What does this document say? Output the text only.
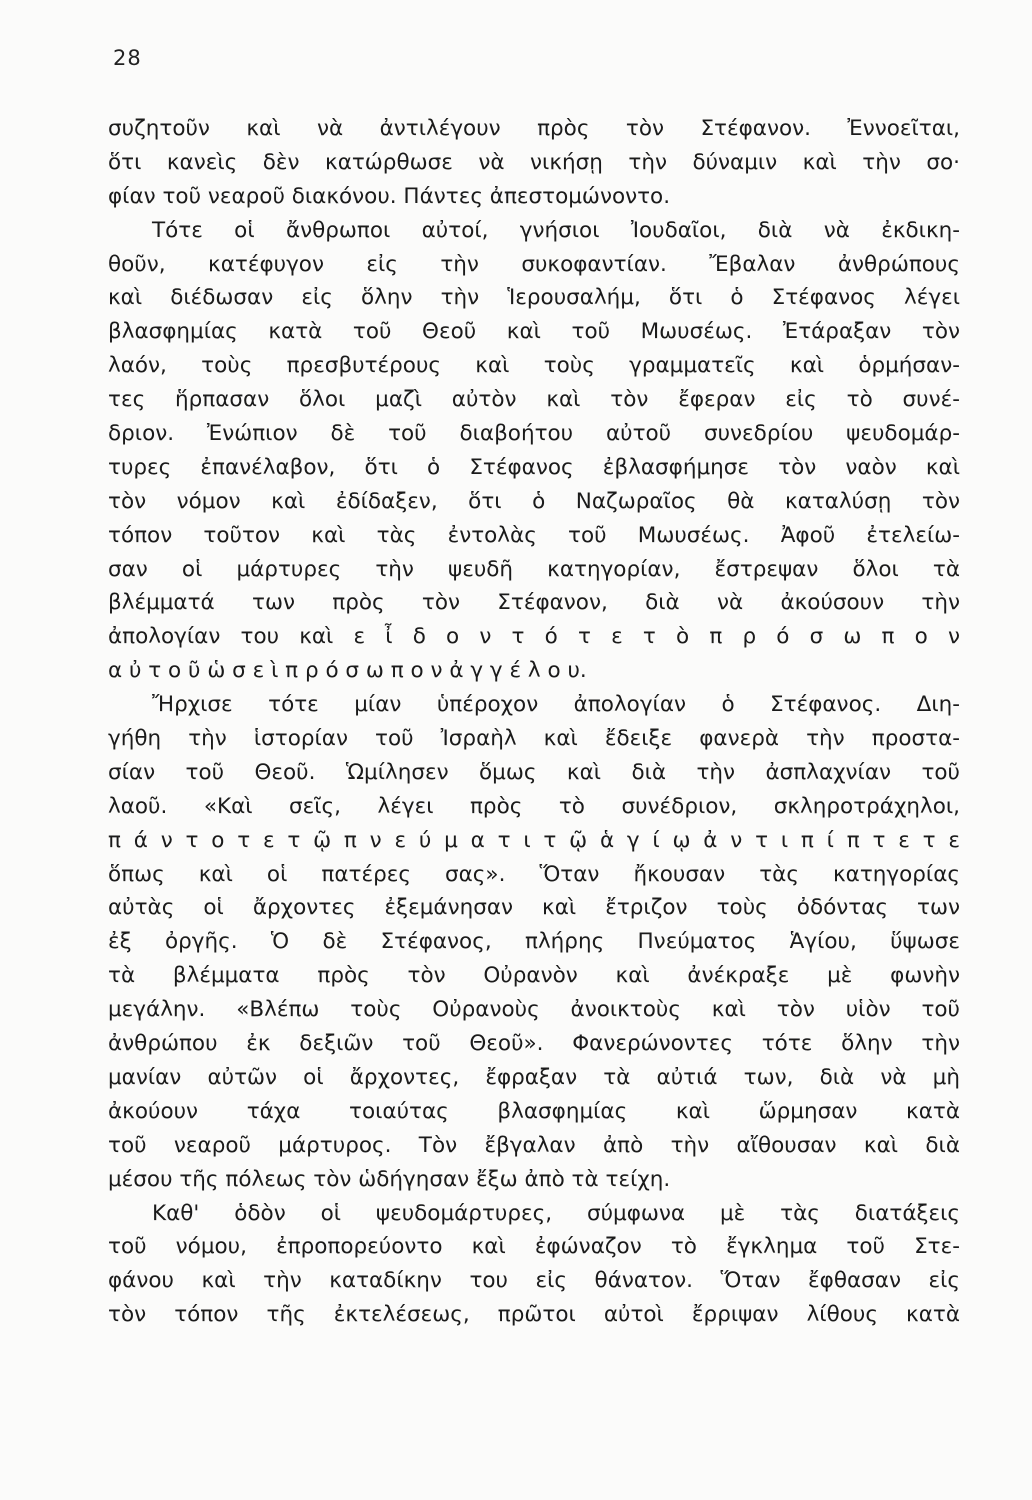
28
συζητοῦν καὶ νὰ ἀντιλέγουν πρὸς τὸν Στέφανον. Ἐννοεῖται,
ὅτι κανεὶς δὲν κατώρθωσε νὰ νικήσῃ τὴν δύναμιν καὶ τὴν σο·
φίαν τοῦ νεαροῦ διακόνου. Πάντες ἀπεστομώνοντο.
Τότε οἱ ἄνθρωποι αὐτοί, γνήσιοι Ἰουδαῖοι, διὰ νὰ ἐκδικη-
θοῦν, κατέφυγον εἰς τὴν συκοφαντίαν. Ἔβαλαν ἀνθρώπους
καὶ διέδωσαν εἰς ὅλην τὴν Ἱερουσαλήμ, ὅτι ὁ Στέφανος λέγει
βλασφημίας κατὰ τοῦ Θεοῦ καὶ τοῦ Μωυσέως. Ἐτάραξαν τὸν
λαόν, τοὺς πρεσβυτέρους καὶ τοὺς γραμματεῖς καὶ ὁρμήσαν-
τες ἥρπασαν ὅλοι μαζὶ αὐτὸν καὶ τὸν ἔφεραν εἰς τὸ συνέ-
δριον. Ἐνώπιον δὲ τοῦ διαβοήτου αὐτοῦ συνεδρίου ψευδομάρ-
τυρες ἐπανέλαβον, ὅτι ὁ Στέφανος ἐβλασφήμησε τὸν ναὸν καὶ
τὸν νόμον καὶ ἐδίδαξεν, ὅτι ὁ Ναζωραῖος θὰ καταλύσῃ τὸν
τόπον τοῦτον καὶ τὰς ἐντολὰς τοῦ Μωυσέως. Ἀφοῦ ἐτελείω-
σαν οἱ μάρτυρες τὴν ψευδῆ κατηγορίαν, ἔστρεψαν ὅλοι τὰ
βλέμματά των πρὸς τὸν Στέφανον, διὰ νὰ ἀκούσουν τὴν
ἀπολογίαν του καὶ ε ἶ δ ο ν τ ό τ ε τ ὸ π ρ ό σ ω π ο ν
α ὐ τ ο ῦ ὡ σ ε ὶ π ρ ό σ ω π ο ν ἀ γ γ έ λ ο υ.
Ἤρχισε τότε μίαν ὑπέροχον ἀπολογίαν ὁ Στέφανος. Διη-
γήθη τὴν ἱστορίαν τοῦ Ἰσραὴλ καὶ ἔδειξε φανερὰ τὴν προστα-
σίαν τοῦ Θεοῦ. Ὡμίλησεν ὅμως καὶ διὰ τὴν ἀσπλαχνίαν τοῦ
λαοῦ. «Καὶ σεῖς, λέγει πρὸς τὸ συνέδριον, σκληροτράχηλοι,
π ά ν τ ο τ ε τ ῷ π ν ε ύ μ α τ ι τ ῷ ἁ γ ί ῳ ἀ ν τ ι π ί π τ ε τ ε
ὅπως καὶ οἱ πατέρες σας». Ὅταν ἤκουσαν τὰς κατηγορίας
αὐτὰς οἱ ἄρχοντες ἐξεμάνησαν καὶ ἔτριζον τοὺς ὀδόντας των
ἐξ ὀργῆς. Ὁ δὲ Στέφανος, πλήρης Πνεύματος Ἁγίου, ὕψωσε
τὰ βλέμματα πρὸς τὸν Οὐρανὸν καὶ ἀνέκραξε μὲ φωνὴν
μεγάλην. «Βλέπω τοὺς Οὐρανοὺς ἀνοικτοὺς καὶ τὸν υἱὸν τοῦ
ἀνθρώπου ἐκ δεξιῶν τοῦ Θεοῦ». Φανερώνοντες τότε ὅλην τὴν
μανίαν αὐτῶν οἱ ἄρχοντες, ἔφραξαν τὰ αὐτιά των, διὰ νὰ μὴ
ἀκούουν τάχα τοιαύτας βλασφημίας καὶ ὥρμησαν κατὰ
τοῦ νεαροῦ μάρτυρος. Τὸν ἔβγαλαν ἀπὸ τὴν αἴθουσαν καὶ διὰ
μέσου τῆς πόλεως τὸν ὡδήγησαν ἔξω ἀπὸ τὰ τείχη.
Καθ' ὁδὸν οἱ ψευδομάρτυρες, σύμφωνα μὲ τὰς διατάξεις
τοῦ νόμου, ἐπροπορεύοντο καὶ ἐφώναζον τὸ ἔγκλημα τοῦ Στε-
φάνου καὶ τὴν καταδίκην του εἰς θάνατον. Ὅταν ἔφθασαν εἰς
τὸν τόπον τῆς ἐκτελέσεως, πρῶτοι αὐτοὶ ἔρριψαν λίθους κατὰ
